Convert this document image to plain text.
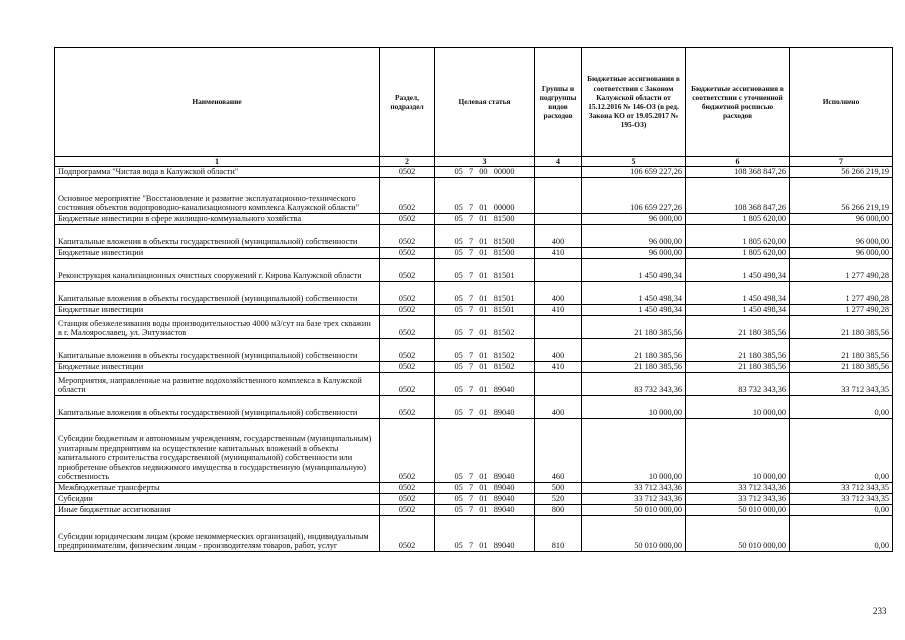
Наименование	Раздел, подраздел	Целевая статья	Группы и подгруппы видов расходов	Бюджетные ассигнования в соответствии с Законом Калужской области от 15.12.2016 № 146-ОЗ (в ред. Закона КО от 19.05.2017 № 195-ОЗ)	Бюджетные ассигнования в соответствии с уточненной бюджетной росписью расходов	Исполнено
1	2	3	4	5	6	7
Подпрограмма "Чистая вода в Калужской области"	0502	05  7  00  00000		106 659 227,26	108 368 847,26	56 266 219,19
Основное мероприятие "Восстановление и развитие эксплуатационно-технического состояния объектов водопроводно-канализационного комплекса Калужской области"	0502	05  7  01  00000		106 659 227,26	108 368 847,26	56 266 219,19
Бюджетные инвестиции в сфере жилищно-коммунального хозяйства	0502	05  7  01  81500		96 000,00	1 805 620,00	96 000,00
Капитальные вложения в объекты государственной (муниципальной) собственности	0502	05  7  01  81500	400	96 000,00	1 805 620,00	96 000,00
Бюджетные инвестиции	0502	05  7  01  81500	410	96 000,00	1 805 620,00	96 000,00
Реконструкция канализационных очистных сооружений г. Кирова Калужской области	0502	05  7  01  81501		1 450 498,34	1 450 498,34	1 277 490,28
Капитальные вложения в объекты государственной (муниципальной) собственности	0502	05  7  01  81501	400	1 450 498,34	1 450 498,34	1 277 490,28
Бюджетные инвестиции	0502	05  7  01  81501	410	1 450 498,34	1 450 498,34	1 277 490,28
Станция обезжелезивания воды производительностью 4000 м3/сут на базе трех скважин в г. Малоярославец, ул. Энтузиастов	0502	05  7  01  81502		21 180 385,56	21 180 385,56	21 180 385,56
Капитальные вложения в объекты государственной (муниципальной) собственности	0502	05  7  01  81502	400	21 180 385,56	21 180 385,56	21 180 385,56
Бюджетные инвестиции	0502	05  7  01  81502	410	21 180 385,56	21 180 385,56	21 180 385,56
Мероприятия, направленные на развитие водохозяйственного комплекса в Калужской области	0502	05  7  01  89040		83 732 343,36	83 732 343,36	33 712 343,35
Капитальные вложения в объекты государственной (муниципальной) собственности	0502	05  7  01  89040	400	10 000,00	10 000,00	0,00
Субсидии бюджетным и автономным учреждениям, государственным (муниципальным) унитарным предприятиям на осуществление капитальных вложений в объекты капитального строительства государственной (муниципальной) собственности или приобретение объектов недвижимого имущества в государственную (муниципальную) собственность	0502	05  7  01  89040	460	10 000,00	10 000,00	0,00
Межбюджетные трансферты	0502	05  7  01  89040	500	33 712 343,36	33 712 343,36	33 712 343,35
Субсидии	0502	05  7  01  89040	520	33 712 343,36	33 712 343,36	33 712 343,35
Иные бюджетные ассигнования	0502	05  7  01  89040	800	50 010 000,00	50 010 000,00	0,00
Субсидии юридическим лицам (кроме некоммерческих организаций), индивидуальным предпринимателям, физическим лицам - производителям товаров, работ, услуг	0502	05  7  01  89040	810	50 010 000,00	50 010 000,00	0,00
233
